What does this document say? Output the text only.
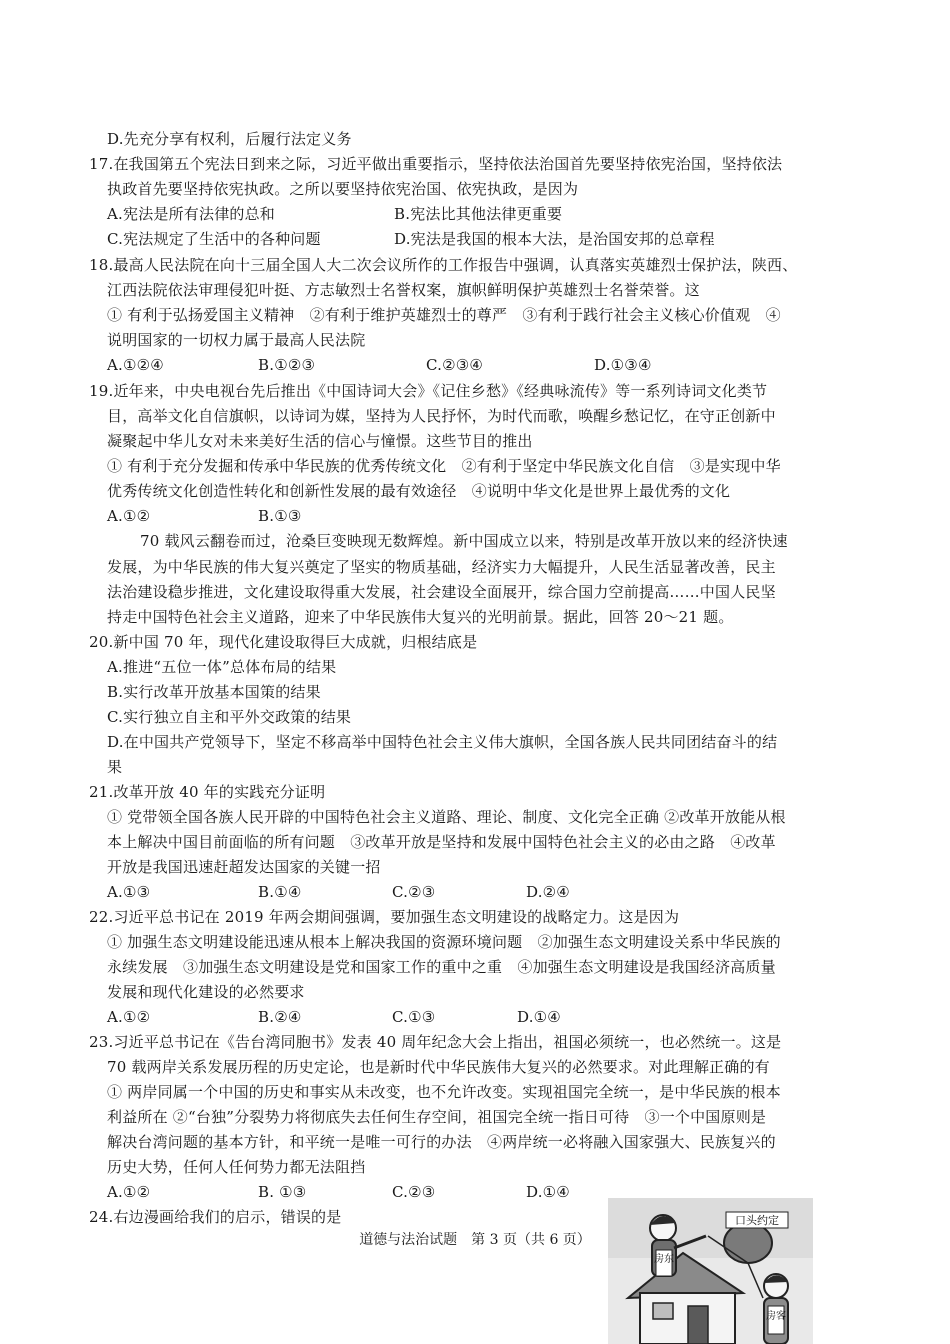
D.先充分享有权利，后履行法定义务
17.在我国第五个宪法日到来之际，习近平做出重要指示，坚持依法治国首先要坚持依宪治国，坚持依法
执政首先要坚持依宪执政。之所以要坚持依宪治国、依宪执政，是因为
A.宪法是所有法律的总和	B.宪法比其他法律更重要
C.宪法规定了生活中的各种问题	D.宪法是我国的根本大法，是治国安邦的总章程
18.最高人民法院在向十三届全国人大二次会议所作的工作报告中强调，认真落实英雄烈士保护法，陕西、
江西法院依法审理侵犯叶挺、方志敏烈士名誉权案，旗帜鲜明保护英雄烈士名誉荣誉。这
① 有利于弘扬爱国主义精神　②有利于维护英雄烈士的尊严　③有利于践行社会主义核心价值观　④
说明国家的一切权力属于最高人民法院
A.①②④	B.①②③	C.②③④	D.①③④
19.近年来，中央电视台先后推出《中国诗词大会》《记住乡愁》《经典咏流传》等一系列诗词文化类节
目，高举文化自信旗帜，以诗词为媒，坚持为人民抒怀，为时代而歌，唤醒乡愁记忆，在守正创新中
凝聚起中华儿女对未来美好生活的信心与憧憬。这些节目的推出
① 有利于充分发掘和传承中华民族的优秀传统文化　②有利于坚定中华民族文化自信　③是实现中华
优秀传统文化创造性转化和创新性发展的最有效途径　④说明中华文化是世界上最优秀的文化
A.①②	B.①③
70 载风云翻卷而过，沧桑巨变映现无数辉煌。新中国成立以来，特别是改革开放以来的经济快速
发展，为中华民族的伟大复兴奠定了坚实的物质基础，经济实力大幅提升，人民生活显著改善，民主
法治建设稳步推进，文化建设取得重大发展，社会建设全面展开，综合国力空前提高……中国人民坚
持走中国特色社会主义道路，迎来了中华民族伟大复兴的光明前景。据此，回答 20～21 题。
20.新中国 70 年，现代化建设取得巨大成就，归根结底是
A.推进“五位一体”总体布局的结果
B.实行改革开放基本国策的结果
C.实行独立自主和平外交政策的结果
D.在中国共产党领导下，坚定不移高举中国特色社会主义伟大旗帜，全国各族人民共同团结奋斗的结
果
21.改革开放 40 年的实践充分证明
① 党带领全国各族人民开辟的中国特色社会主义道路、理论、制度、文化完全正确 ②改革开放能从根
本上解决中国目前面临的所有问题　③改革开放是坚持和发展中国特色社会主义的必由之路　④改革
开放是我国迅速赶超发达国家的关键一招
A.①③	B.①④	C.②③	D.②④
22.习近平总书记在 2019 年两会期间强调，要加强生态文明建设的战略定力。这是因为
① 加强生态文明建设能迅速从根本上解决我国的资源环境问题　②加强生态文明建设关系中华民族的
永续发展　③加强生态文明建设是党和国家工作的重中之重　④加强生态文明建设是我国经济高质量
发展和现代化建设的必然要求
A.①②	B.②④	C.①③	D.①④
23.习近平总书记在《告台湾同胞书》发表 40 周年纪念大会上指出，祖国必须统一，也必然统一。这是
70 载两岸关系发展历程的历史定论，也是新时代中华民族伟大复兴的必然要求。对此理解正确的有
① 两岸同属一个中国的历史和事实从未改变，也不允许改变。实现祖国完全统一，是中华民族的根本
利益所在 ②“台独”分裂势力将彻底失去任何生存空间，祖国完全统一指日可待　③一个中国原则是
解决台湾问题的基本方针，和平统一是唯一可行的办法　④两岸统一必将融入国家强大、民族复兴的
历史大势，任何人任何势力都无法阻挡
A.①②	B. ①③	C.②③	D.①④
24.右边漫画给我们的启示，错误的是
道德与法治试题　第 3 页（共 6 页）
房东
口头约定
房客
